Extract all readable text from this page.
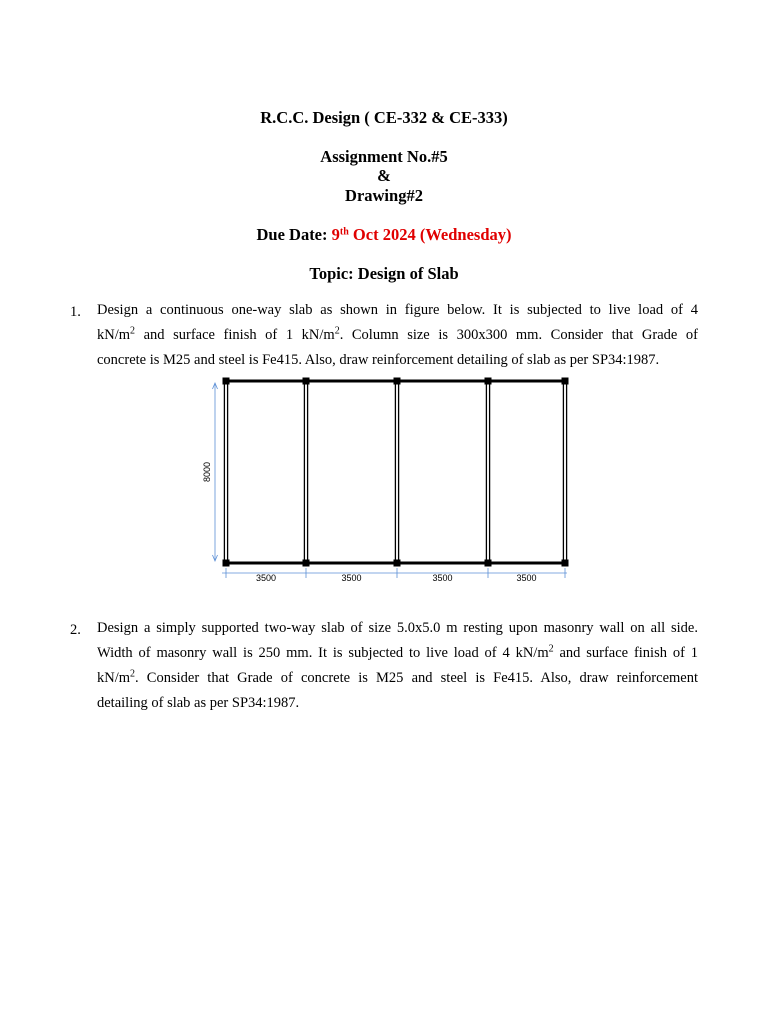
R.C.C. Design ( CE-332 & CE-333)
Assignment No.#5
&
Drawing#2
Due Date: 9th Oct 2024 (Wednesday)
Topic: Design of Slab
1. Design a continuous one-way slab as shown in figure below. It is subjected to live load of 4
$kN/m^2$ and surface finish of 1 $kN/m^2$. Column size is 300x300 mm. Consider that Grade of
concrete is M25 and steel is Fe415. Also, draw reinforcement detailing of slab as per SP34:1987.
8000
3500	3500	3500	3500
2. Design a simply supported two-way slab of size 5.0x5.0 m resting upon masonry wall on all side.
Width of masonry wall is 250 mm. It is subjected to live load of 4 $kN/m^2$ and surface finish of 1
$kN/m^2$. Consider that Grade of concrete is M25 and steel is Fe415. Also, draw reinforcement
detailing of slab as per SP34:1987.
